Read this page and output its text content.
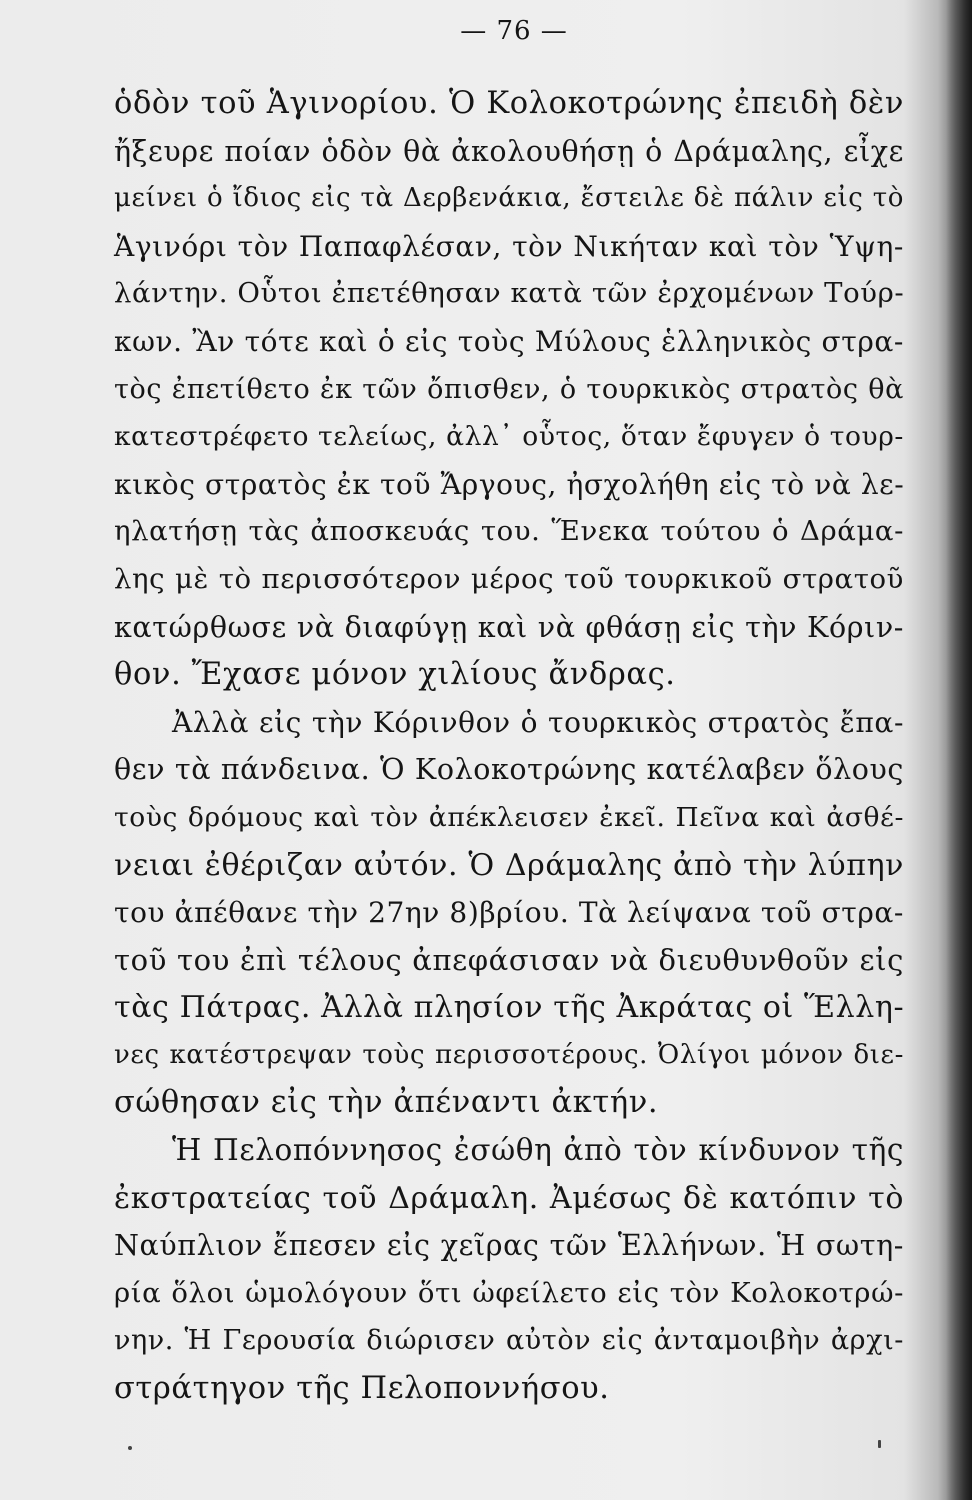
— 76 —
ὁδὸν τοῦ Ἁγινορίου. Ὁ Κολοκοτρώνης ἐπειδὴ δὲν
ἤξευρε ποίαν ὁδὸν θὰ ἀκολουθήσῃ ὁ Δράμαλης, εἶχε
μείνει ὁ ἴδιος εἰς τὰ Δερβενάκια, ἔστειλε δὲ πάλιν εἰς τὸ
Ἁγινόρι τὸν Παπαφλέσαν, τὸν Νικήταν καὶ τὸν Ὑψη-
λάντην. Οὗτοι ἐπετέθησαν κατὰ τῶν ἐρχομένων Τούρ-
κων. Ἂν τότε καὶ ὁ εἰς τοὺς Μύλους ἑλληνικὸς στρα-
τὸς ἐπετίθετο ἐκ τῶν ὄπισθεν, ὁ τουρκικὸς στρατὸς θὰ
κατεστρέφετο τελείως, ἀλλ᾿ οὗτος, ὅταν ἔφυγεν ὁ τουρ-
κικὸς στρατὸς ἐκ τοῦ Ἄργους, ἠσχολήθη εἰς τὸ νὰ λε-
ηλατήσῃ τὰς ἀποσκευάς του. Ἕνεκα τούτου ὁ Δράμα-
λης μὲ τὸ περισσότερον μέρος τοῦ τουρκικοῦ στρατοῦ
κατώρθωσε νὰ διαφύγῃ καὶ νὰ φθάσῃ εἰς τὴν Κόριν-
θον. Ἔχασε μόνον χιλίους ἄνδρας.
Ἀλλὰ εἰς τὴν Κόρινθον ὁ τουρκικὸς στρατὸς ἔπα-
θεν τὰ πάνδεινα. Ὁ Κολοκοτρώνης κατέλαβεν ὅλους
τοὺς δρόμους καὶ τὸν ἀπέκλεισεν ἐκεῖ. Πεῖνα καὶ ἀσθέ-
νειαι ἐθέριζαν αὐτόν. Ὁ Δράμαλης ἀπὸ τὴν λύπην
του ἀπέθανε τὴν 27ην 8)βρίου. Τὰ λείψανα τοῦ στρα-
τοῦ του ἐπὶ τέλους ἀπεφάσισαν νὰ διευθυνθοῦν εἰς
τὰς Πάτρας. Ἀλλὰ πλησίον τῆς Ἀκράτας οἱ Ἕλλη-
νες κατέστρεψαν τοὺς περισσοτέρους. Ὀλίγοι μόνον διε-
σώθησαν εἰς τὴν ἀπέναντι ἀκτήν.
Ἡ Πελοπόννησος ἐσώθη ἀπὸ τὸν κίνδυνον τῆς
ἐκστρατείας τοῦ Δράμαλη. Ἀμέσως δὲ κατόπιν τὸ
Ναύπλιον ἔπεσεν εἰς χεῖρας τῶν Ἑλλήνων. Ἡ σωτη-
ρία ὅλοι ὡμολόγουν ὅτι ὠφείλετο εἰς τὸν Κολοκοτρώ-
νην. Ἡ Γερουσία διώρισεν αὐτὸν εἰς ἀνταμοιβὴν ἀρχι-
στράτηγον τῆς Πελοποννήσου.
